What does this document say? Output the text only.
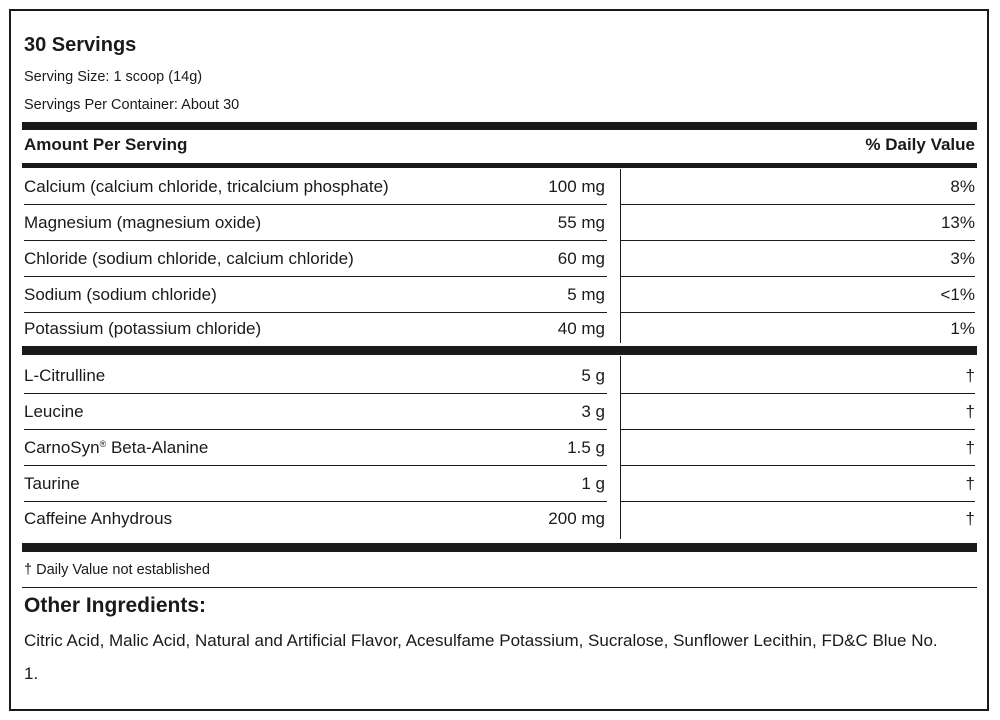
30 Servings
Serving Size: 1 scoop (14g)
Servings Per Container: About 30
Amount Per Serving	% Daily Value
Calcium (calcium chloride, tricalcium phosphate)	100 mg	8%
Magnesium (magnesium oxide)	55 mg	13%
Chloride (sodium chloride, calcium chloride)	60 mg	3%
Sodium (sodium chloride)	5 mg	<1%
Potassium (potassium chloride)	40 mg	1%
L-Citrulline	5 g	†
Leucine	3 g	†
CarnoSyn® Beta-Alanine	1.5 g	†
Taurine	1 g	†
Caffeine Anhydrous	200 mg	†
† Daily Value not established
Other Ingredients:
Citric Acid, Malic Acid, Natural and Artificial Flavor, Acesulfame Potassium, Sucralose, Sunflower Lecithin, FD&C Blue No. 1.
